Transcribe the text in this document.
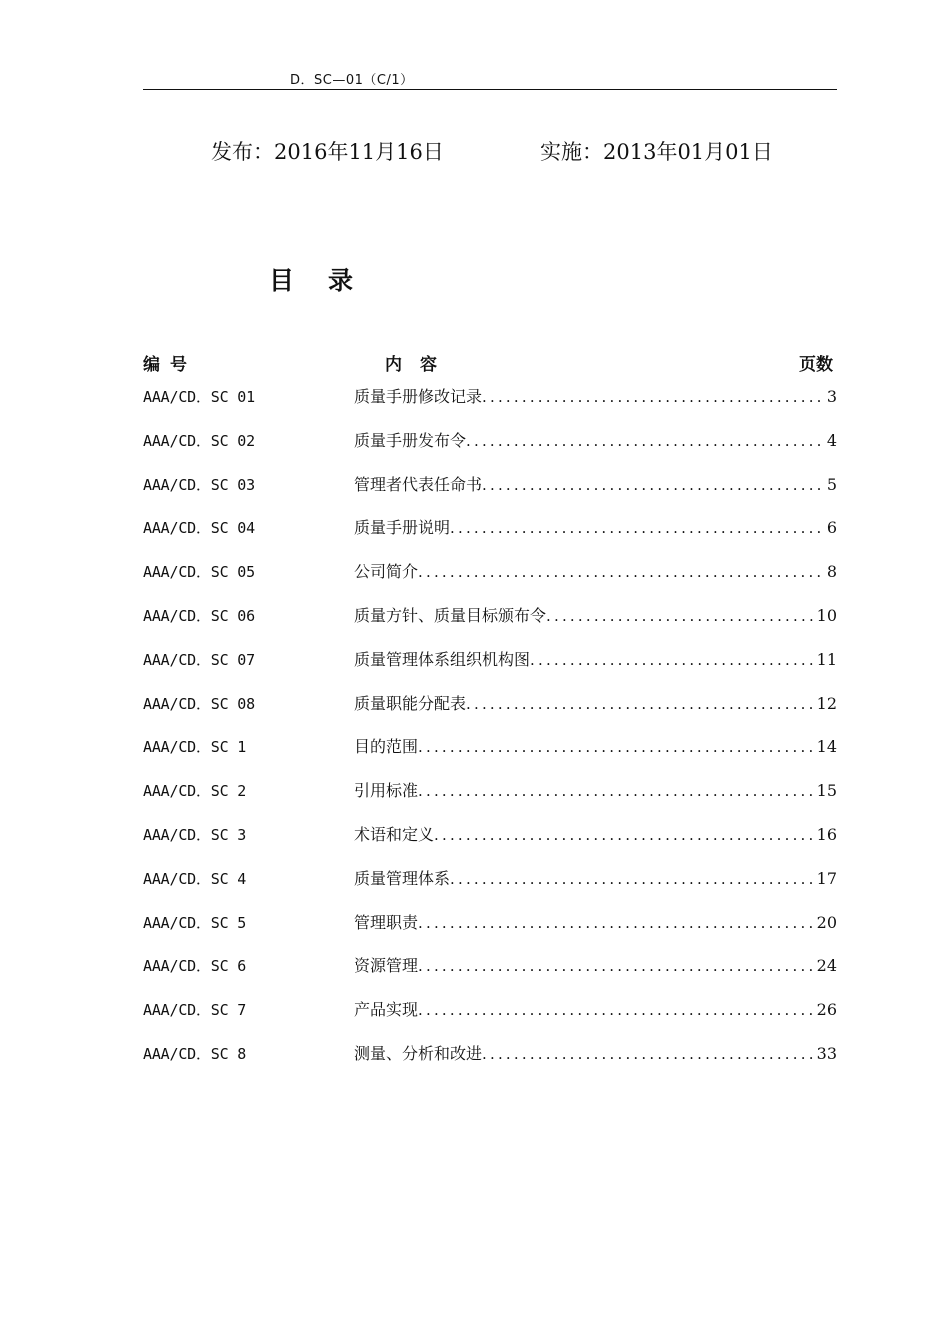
D．SC—01（C/1）
发布：2016年11月16日	实施：2013年01月01日
目录
编号	内容	页数
AAA/CD．SC 01	质量手册修改记录 .....	3
AAA/CD．SC 02	质量手册发布令 .....	4
AAA/CD．SC 03	管理者代表任命书 .....	5
AAA/CD．SC 04	质量手册说明 .....	6
AAA/CD．SC 05	公司简介 .....	8
AAA/CD．SC 06	质量方针、质量目标颁布令 .....	10
AAA/CD．SC 07	质量管理体系组织机构图 .....	11
AAA/CD．SC 08	质量职能分配表 .....	12
AAA/CD．SC 1	目的范围 .....	14
AAA/CD．SC 2	引用标准 .....	15
AAA/CD．SC 3	术语和定义 .....	16
AAA/CD．SC 4	质量管理体系 .....	17
AAA/CD．SC 5	管理职责 .....	20
AAA/CD．SC 6	资源管理 .....	24
AAA/CD．SC 7	产品实现 .....	26
AAA/CD．SC 8	测量、分析和改进 .....	33
